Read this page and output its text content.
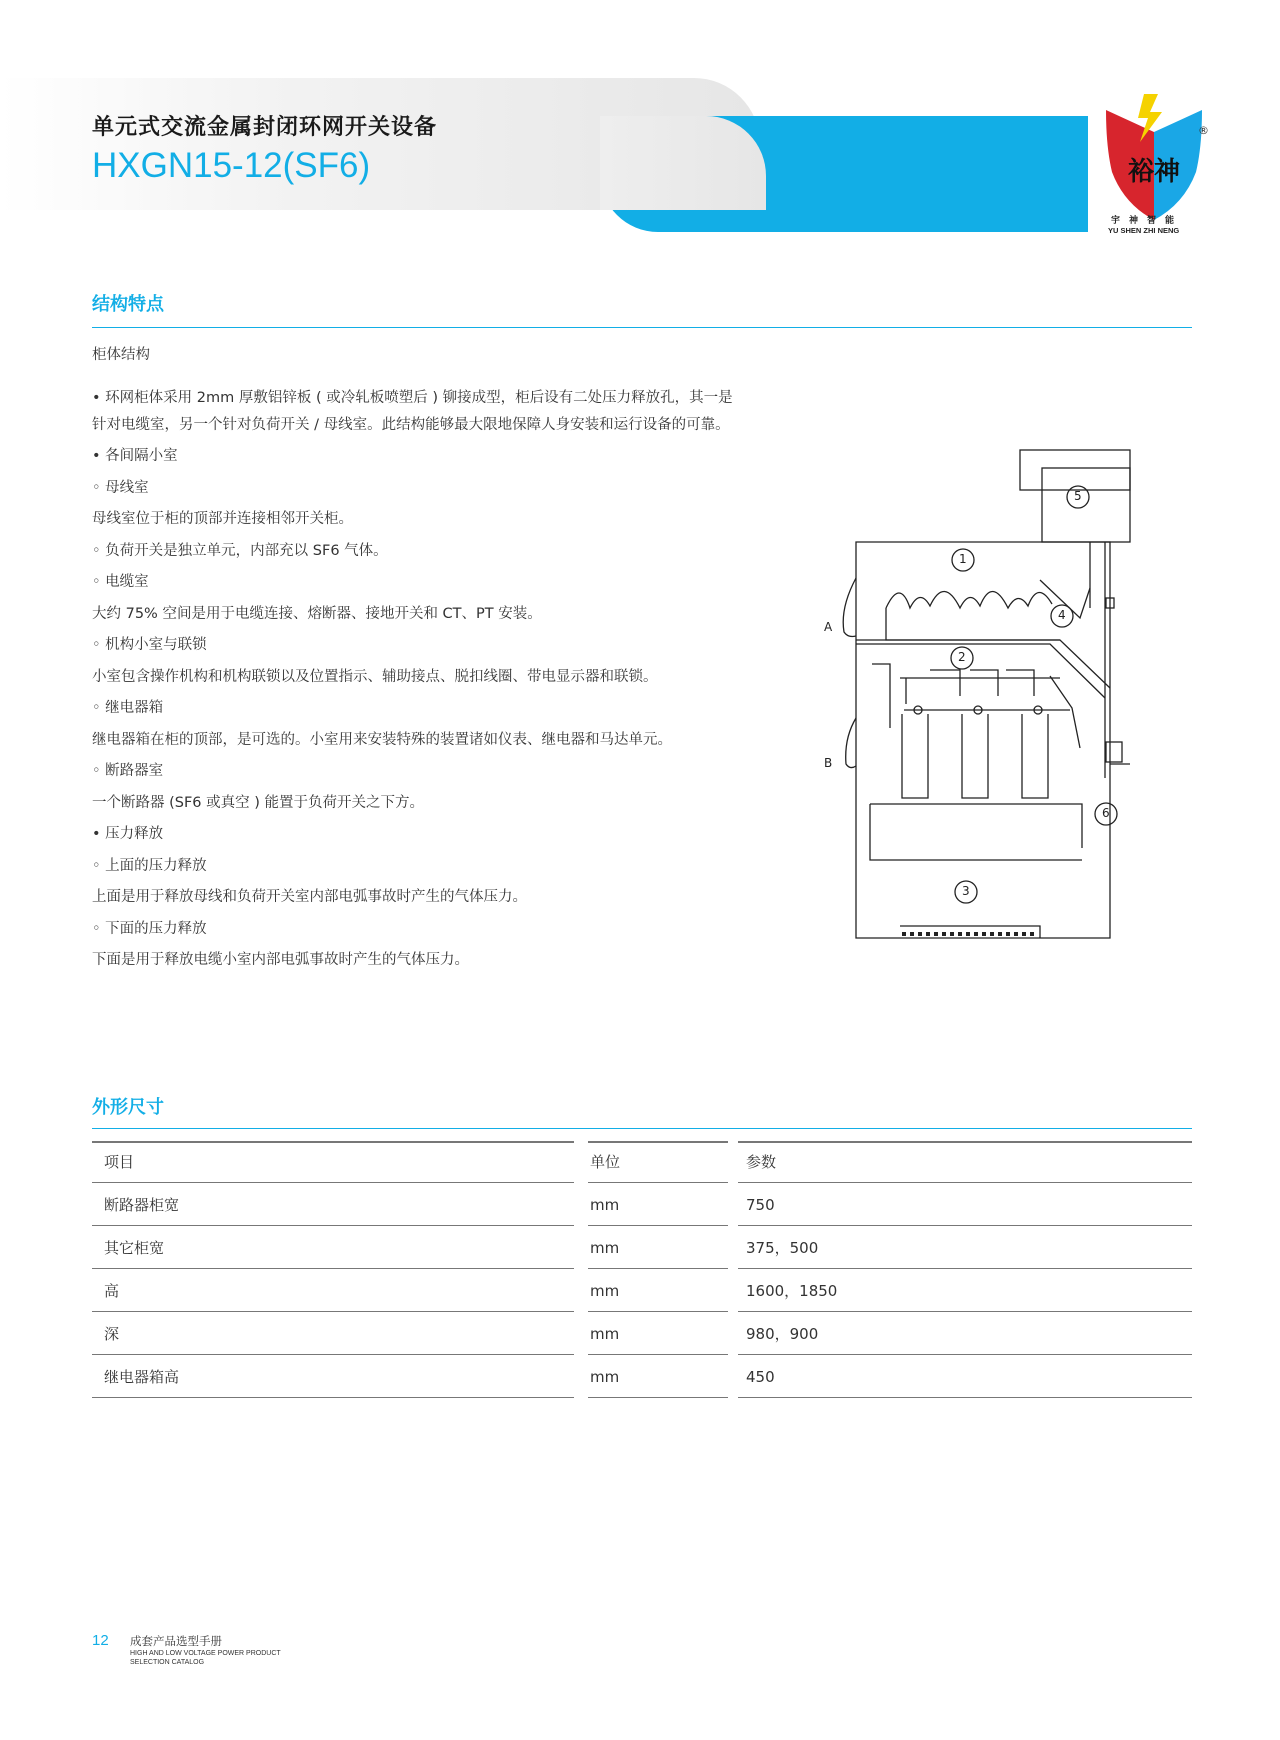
单元式交流金属封闭环网开关设备
HXGN15-12(SF6)	裕神
®
宇神智能
YU SHEN ZHI NENG
结构特点
柜体结构

• 环网柜体采用 2mm 厚敷铝锌板 ( 或冷轧板喷塑后 ) 铆接成型，柜后设有二处压力释放孔，其一是针对电缆室，另一个针对负荷开关 / 母线室。此结构能够最大限地保障人身安装和运行设备的可靠。

• 各间隔小室

◦ 母线室

母线室位于柜的顶部并连接相邻开关柜。

◦ 负荷开关是独立单元，内部充以 SF6 气体。

◦ 电缆室

大约 75% 空间是用于电缆连接、熔断器、接地开关和 CT、PT 安装。

◦ 机构小室与联锁

小室包含操作机构和机构联锁以及位置指示、辅助接点、脱扣线圈、带电显示器和联锁。

◦ 继电器箱

继电器箱在柜的顶部，是可选的。小室用来安装特殊的装置诸如仪表、继电器和马达单元。

◦ 断路器室

一个断路器 (SF6 或真空 ) 能置于负荷开关之下方。

• 压力释放

◦ 上面的压力释放

上面是用于释放母线和负荷开关室内部电弧事故时产生的气体压力。

◦ 下面的压力释放

下面是用于释放电缆小室内部电弧事故时产生的气体压力。

5
1
4
2
6
3
A
B
外形尺寸
项目	单位	参数
断路器柜宽	mm	750
其它柜宽	mm	375，500
高	mm	1600，1850
深	mm	980，900
继电器箱高	mm	450
12 成套产品选型手册
HIGH AND LOW VOLTAGE POWER PRODUCT
SELECTION CATALOG
